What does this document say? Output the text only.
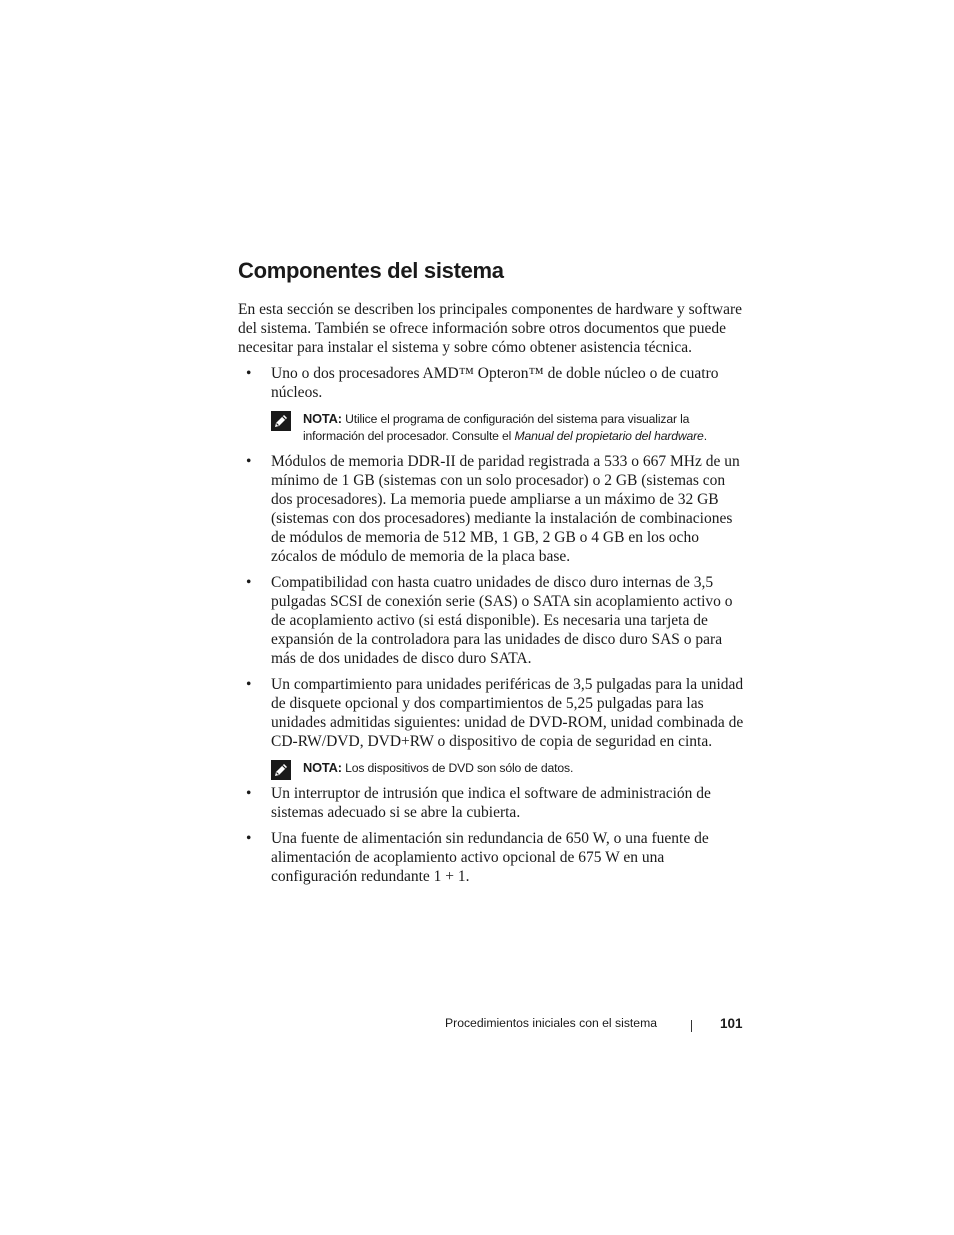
Componentes del sistema

En esta sección se describen los principales componentes de hardware y software del sistema. También se ofrece información sobre otros documentos que puede necesitar para instalar el sistema y sobre cómo obtener asistencia técnica.

• Uno o dos procesadores AMD™ Opteron™ de doble núcleo o de cuatro núcleos.
NOTA: Utilice el programa de configuración del sistema para visualizar la información del procesador. Consulte el Manual del propietario del hardware.
• Módulos de memoria DDR-II de paridad registrada a 533 o 667 MHz de un mínimo de 1 GB (sistemas con un solo procesador) o 2 GB (sistemas con dos procesadores). La memoria puede ampliarse a un máximo de 32 GB (sistemas con dos procesadores) mediante la instalación de combinaciones de módulos de memoria de 512 MB, 1 GB, 2 GB o 4 GB en los ocho zócalos de módulo de memoria de la placa base.
• Compatibilidad con hasta cuatro unidades de disco duro internas de 3,5 pulgadas SCSI de conexión serie (SAS) o SATA sin acoplamiento activo o de acoplamiento activo (si está disponible). Es necesaria una tarjeta de expansión de la controladora para las unidades de disco duro SAS o para más de dos unidades de disco duro SATA.
• Un compartimiento para unidades periféricas de 3,5 pulgadas para la unidad de disquete opcional y dos compartimientos de 5,25 pulgadas para las unidades admitidas siguientes: unidad de DVD-ROM, unidad combinada de CD-RW/DVD, DVD+RW o dispositivo de copia de seguridad en cinta.
NOTA: Los dispositivos de DVD son sólo de datos.
• Un interruptor de intrusión que indica el software de administración de sistemas adecuado si se abre la cubierta.
• Una fuente de alimentación sin redundancia de 650 W, o una fuente de alimentación de acoplamiento activo opcional de 675 W en una configuración redundante 1 + 1.
Procedimientos iniciales con el sistema	101
